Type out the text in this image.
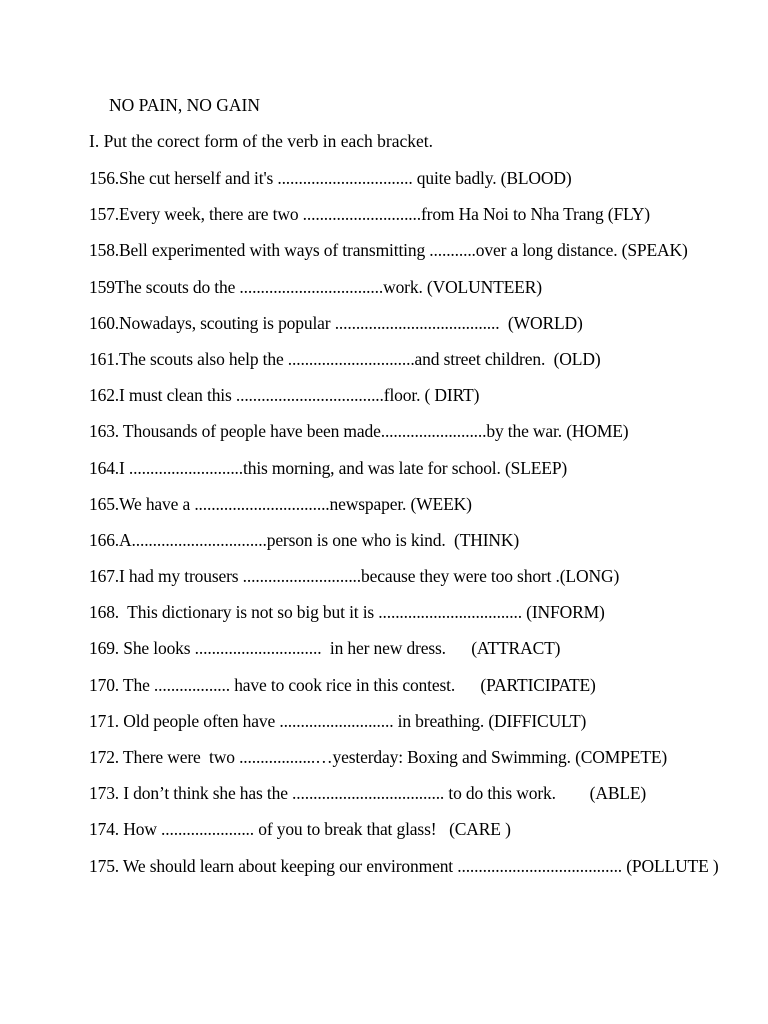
NO PAIN, NO GAIN
I. Put the corect form of the verb in each bracket.
156.She cut herself and it's ................................ quite badly. (BLOOD)
157.Every week, there are two ............................from Ha Noi to Nha Trang (FLY)
158.Bell experimented with ways of transmitting ...........over a long distance. (SPEAK)
159The scouts do the ..................................work. (VOLUNTEER)
160.Nowadays, scouting is popular .......................................  (WORLD)
161.The scouts also help the ..............................and street children.  (OLD)
162.I must clean this ...................................floor. ( DIRT)
163. Thousands of people have been made.........................by the war. (HOME)
164.I ...........................this morning, and was late for school. (SLEEP)
165.We have a ................................newspaper. (WEEK)
166.A................................person is one who is kind.  (THINK)
167.I had my trousers ............................because they were too short .(LONG)
168.  This dictionary is not so big but it is .................................. (INFORM)
169. She looks ..............................  in her new dress.      (ATTRACT)
170. The .................. have to cook rice in this contest.      (PARTICIPATE)
171. Old people often have ........................... in breathing. (DIFFICULT)
172. There were  two ..................…yesterday: Boxing and Swimming. (COMPETE)
173. I don’t think she has the .................................... to do this work.        (ABLE)
174. How ...................... of you to break that glass!   (CARE )
175. We should learn about keeping our environment ....................................... (POLLUTE )
